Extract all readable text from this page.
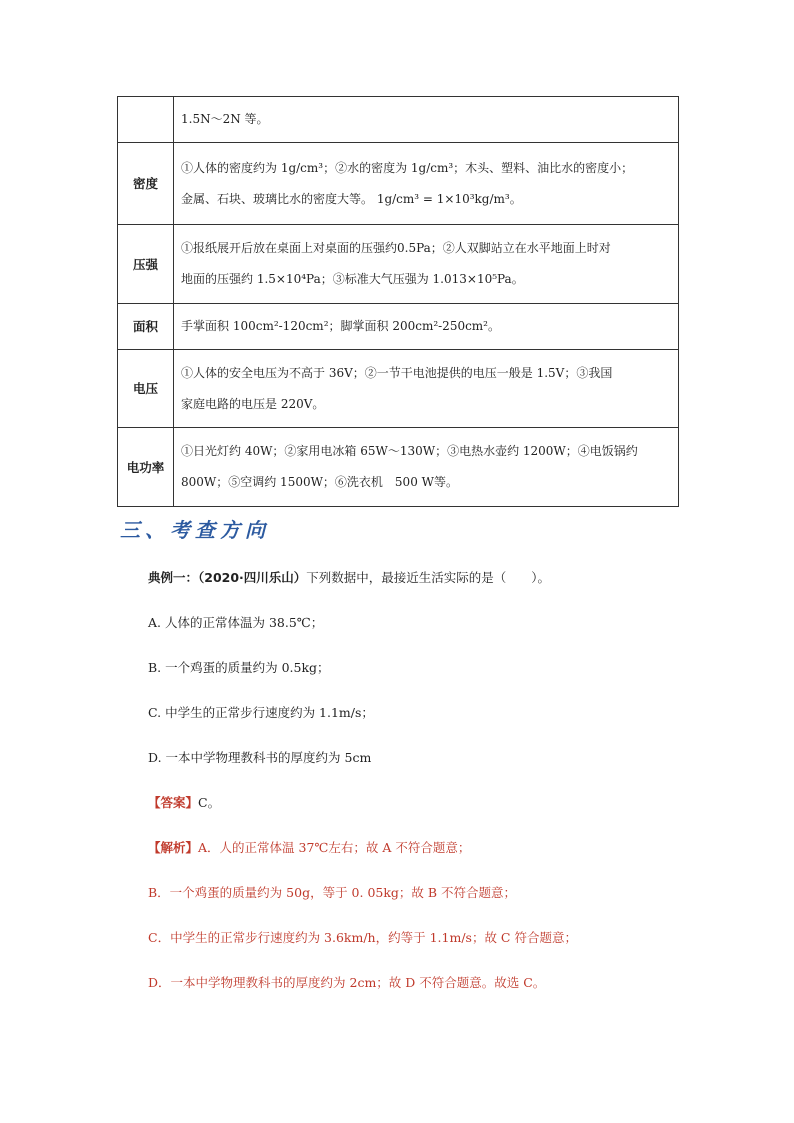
	1.5N～2N 等。

密度	①人体的密度约为 1g/cm³；②水的密度为 1g/cm³；木头、塑料、油比水的密度小；
金属、石块、玻璃比水的密度大等。 1g/cm³ = 1×10³kg/m³。

压强	①报纸展开后放在桌面上对桌面的压强约0.5Pa；②人双脚站立在水平地面上时对
地面的压强约 1.5×10⁴Pa；③标准大气压强为 1.013×10⁵Pa。

面积	手掌面积 100cm²-120cm²；脚掌面积 200cm²-250cm²。

电压	①人体的安全电压为不高于 36V；②一节干电池提供的电压一般是 1.5V；③我国
家庭电路的电压是 220V。

电功率	①日光灯约 40W；②家用电冰箱 65W～130W；③电热水壶约 1200W；④电饭锅约
800W；⑤空调约 1500W；⑥洗衣机　500 W等。
三、考查方向
典例一：（2020·四川乐山）下列数据中，最接近生活实际的是（　　）。
A. 人体的正常体温为 38.5℃；
B. 一个鸡蛋的质量约为 0.5kg；
C. 中学生的正常步行速度约为 1.1m/s；
D. 一本中学物理教科书的厚度约为 5cm
【答案】C。
【解析】A．人的正常体温 37℃左右；故 A 不符合题意；
B．一个鸡蛋的质量约为 50g，等于 0. 05kg；故 B 不符合题意；
C．中学生的正常步行速度约为 3.6km/h，约等于 1.1m/s；故 C 符合题意；
D．一本中学物理教科书的厚度约为 2cm；故 D 不符合题意。故选 C。
